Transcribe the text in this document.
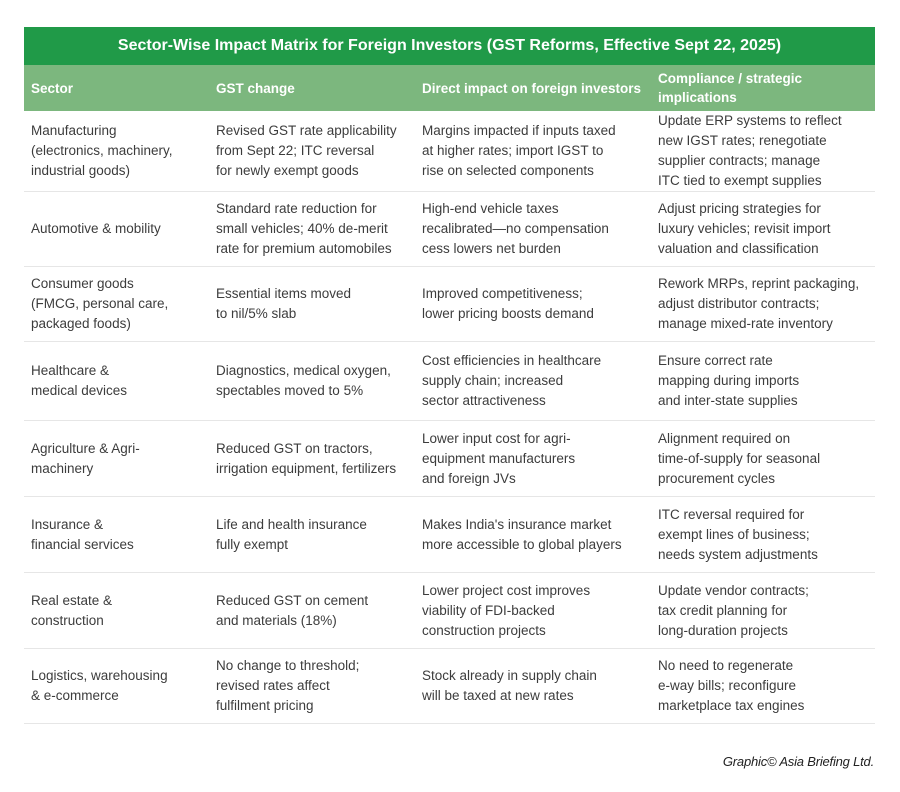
Sector-Wise Impact Matrix for Foreign Investors (GST Reforms, Effective Sept 22, 2025)
Sector	GST change	Direct impact on foreign investors
Compliance / strategic
implications
Manufacturing
(electronics, machinery,
industrial goods)
Revised GST rate applicability
from Sept 22; ITC reversal
for newly exempt goods
Margins impacted if inputs taxed
at higher rates; import IGST to
rise on selected components
Update ERP systems to reflect
new IGST rates; renegotiate
supplier contracts; manage
ITC tied to exempt supplies
Automotive & mobility
Standard rate reduction for
small vehicles; 40% de-merit
rate for premium automobiles
High-end vehicle taxes
recalibrated—no compensation
cess lowers net burden
Adjust pricing strategies for
luxury vehicles; revisit import
valuation and classification
Consumer goods
(FMCG, personal care,
packaged foods)
Essential items moved
to nil/5% slab
Improved competitiveness;
lower pricing boosts demand
Rework MRPs, reprint packaging,
adjust distributor contracts;
manage mixed-rate inventory
Healthcare &
medical devices
Diagnostics, medical oxygen,
spectables moved to 5%
Cost efficiencies in healthcare
supply chain; increased
sector attractiveness
Ensure correct rate
mapping during imports
and inter-state supplies
Agriculture & Agri-
machinery
Reduced GST on tractors,
irrigation equipment, fertilizers
Lower input cost for agri-
equipment manufacturers
and foreign JVs
Alignment required on
time-of-supply for seasonal
procurement cycles
Insurance &
financial services
Life and health insurance
fully exempt
Makes India's insurance market
more accessible to global players
ITC reversal required for
exempt lines of business;
needs system adjustments
Real estate &
construction
Reduced GST on cement
and materials (18%)
Lower project cost improves
viability of FDI-backed
construction projects
Update vendor contracts;
tax credit planning for
long-duration projects
Logistics, warehousing
& e-commerce
No change to threshold;
revised rates affect
fulfilment pricing
Stock already in supply chain
will be taxed at new rates
No need to regenerate
e-way bills; reconfigure
marketplace tax engines
Graphic© Asia Briefing Ltd.
